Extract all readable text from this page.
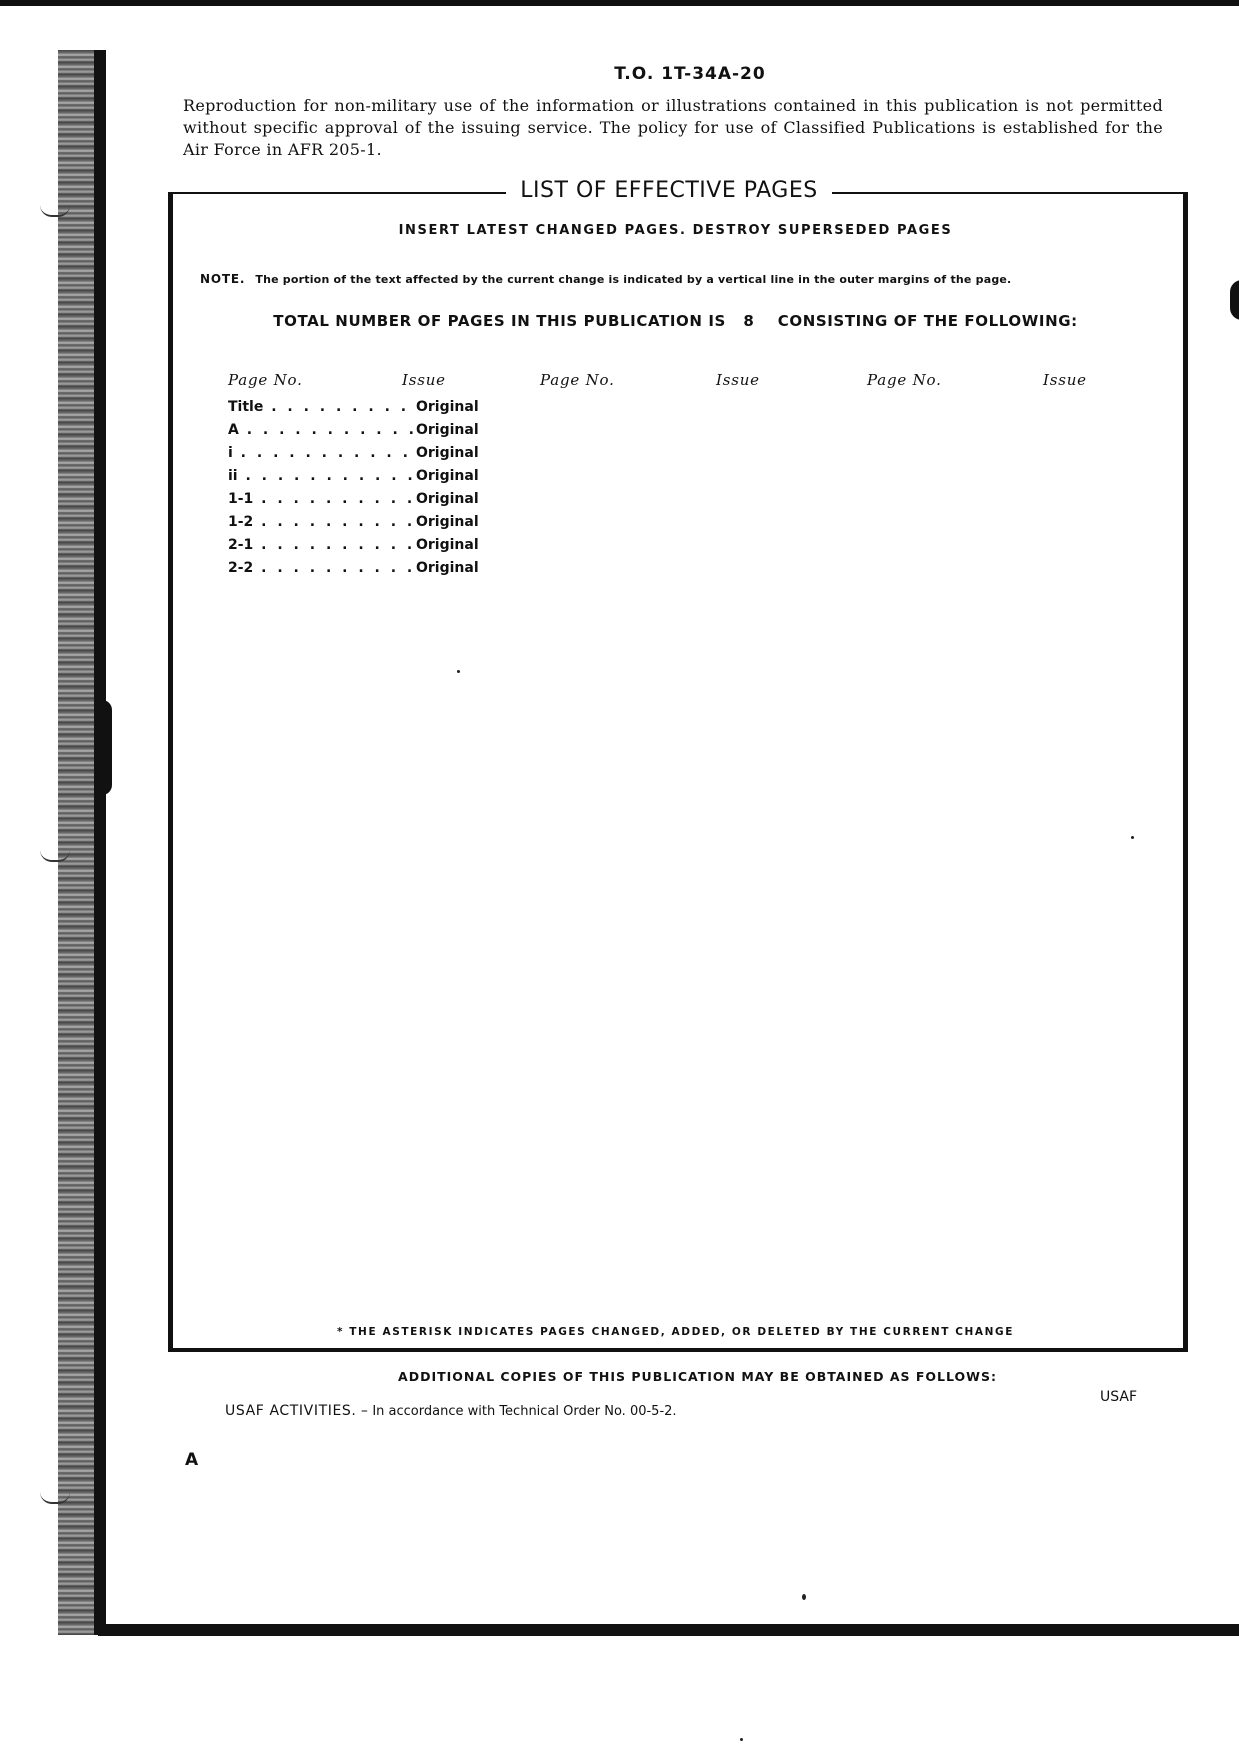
T.O. 1T-34A-20
Reproduction for non-military use of the information or illustrations contained in this publication is not permitted without specific approval of the issuing service. The policy for use of Classified Publications is established for the Air Force in AFR 205-1.
LIST OF EFFECTIVE PAGES
INSERT LATEST CHANGED PAGES. DESTROY SUPERSEDED PAGES
NOTE. The portion of the text affected by the current change is indicated by a vertical line in the outer margins of the page.
TOTAL NUMBER OF PAGES IN THIS PUBLICATION IS 8 CONSISTING OF THE FOLLOWING:
Page No.	Issue	Page No.	Issue	Page No.	Issue
Title . . .	Original
A . . .	Original
i . . .	Original
ii . . .	Original
1-1 . . .	Original
1-2 . . .	Original
2-1 . . .	Original
2-2 . . .	Original
* THE ASTERISK INDICATES PAGES CHANGED, ADDED, OR DELETED BY THE CURRENT CHANGE
ADDITIONAL COPIES OF THIS PUBLICATION MAY BE OBTAINED AS FOLLOWS:
USAF ACTIVITIES. – In accordance with Technical Order No. 00-5-2.
USAF
A
